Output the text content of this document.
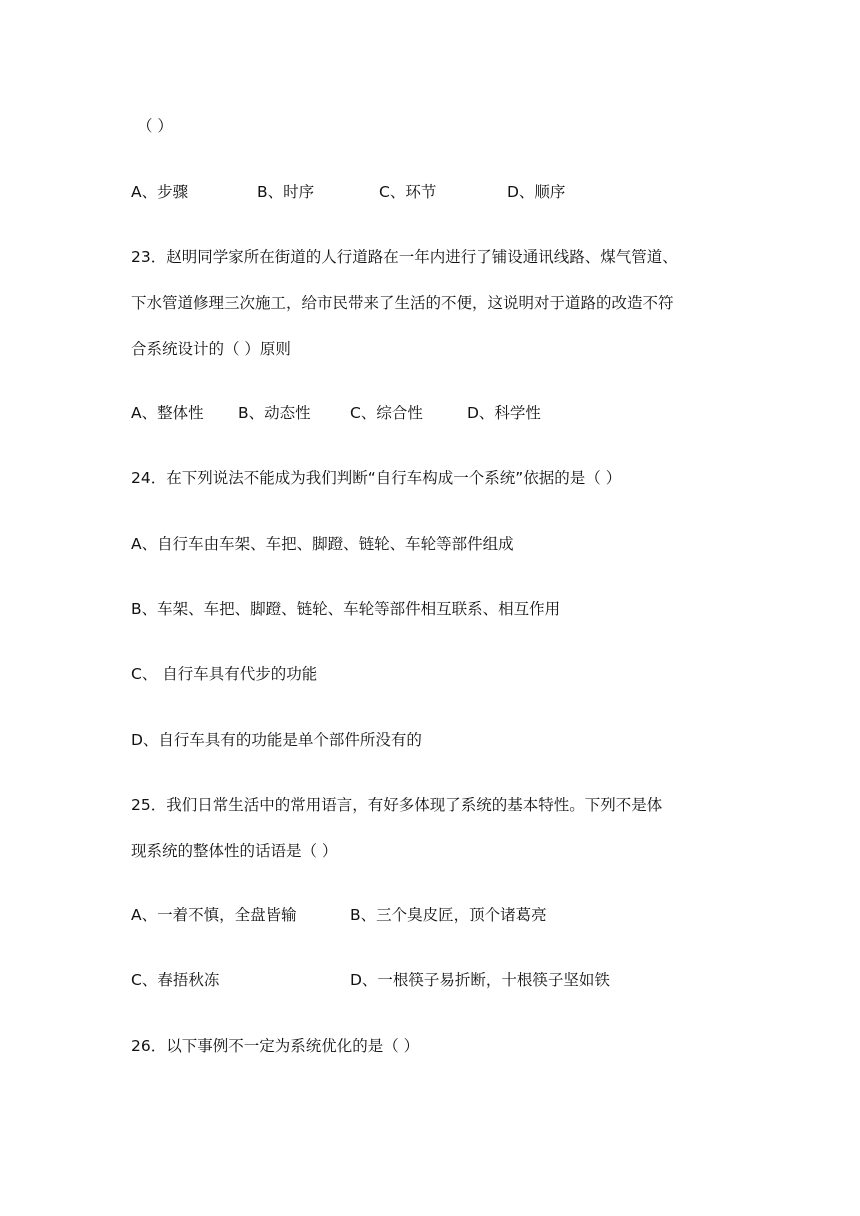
（ ）
A、步骤	B、时序	C、环节	D、顺序
23．赵明同学家所在街道的人行道路在一年内进行了铺设通讯线路、煤气管道、
下水管道修理三次施工，给市民带来了生活的不便，这说明对于道路的改造不符
合系统设计的（ ）原则
A、整体性 B、动态性	C、综合性	D、科学性
24．在下列说法不能成为我们判断“自行车构成一个系统”依据的是（ ）
A、自行车由车架、车把、脚蹬、链轮、车轮等部件组成
B、车架、车把、脚蹬、链轮、车轮等部件相互联系、相互作用
C、 自行车具有代步的功能
D、自行车具有的功能是单个部件所没有的
25．我们日常生活中的常用语言，有好多体现了系统的基本特性。下列不是体
现系统的整体性的话语是（ ）
A、一着不慎，全盘皆输	B、三个臭皮匠，顶个诸葛亮
C、春捂秋冻	D、一根筷子易折断，十根筷子坚如铁
26．以下事例不一定为系统优化的是（ ）
